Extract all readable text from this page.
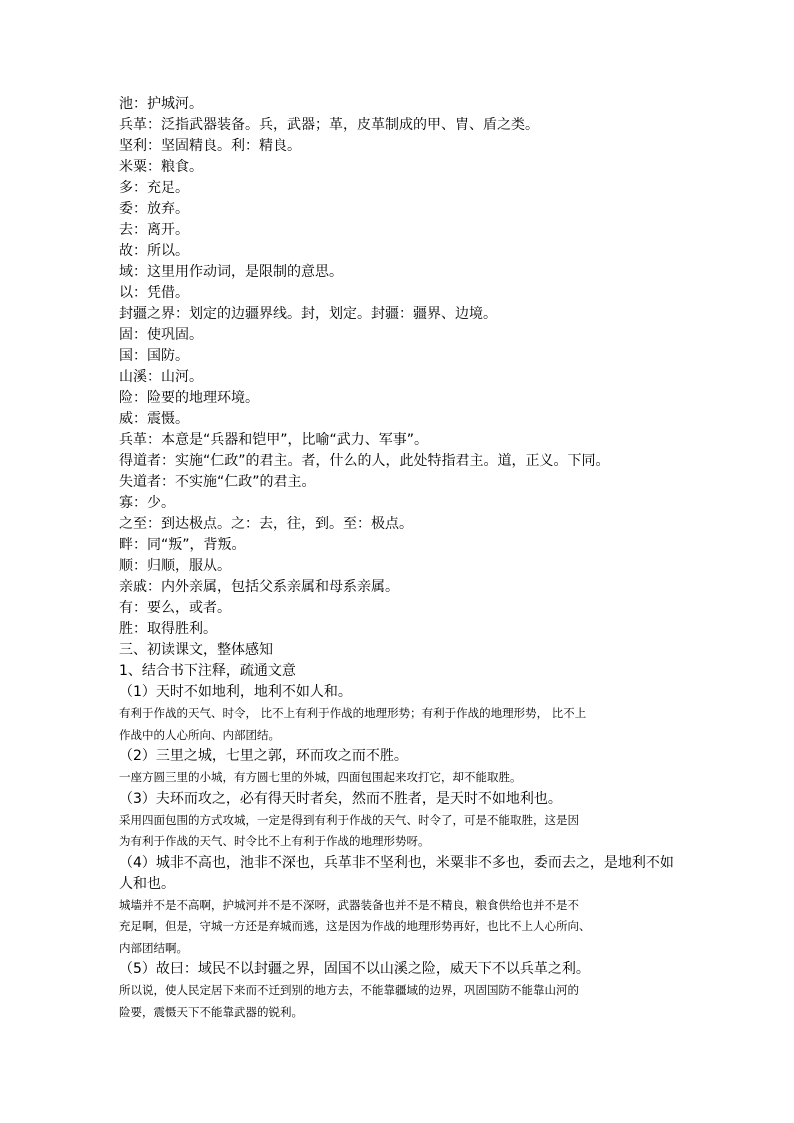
池：护城河。

兵革：泛指武器装备。兵，武器；革，皮革制成的甲、胄、盾之类。

坚利：坚固精良。利：精良。

米粟：粮食。

多：充足。

委：放弃。

去：离开。

故：所以。

域：这里用作动词，是限制的意思。

以：凭借。

封疆之界：划定的边疆界线。封，划定。封疆：疆界、边境。

固：使巩固。

国：国防。

山溪：山河。

险：险要的地理环境。

威：震慑。

兵革：本意是“兵器和铠甲”，比喻“武力、军事”。

得道者：实施“仁政”的君主。者，什么的人，此处特指君主。道，正义。下同。

失道者：不实施“仁政”的君主。

寡：少。

之至：到达极点。之：去，往，到。至：极点。

畔：同“叛”，背叛。

顺：归顺，服从。

亲戚：内外亲属，包括父系亲属和母系亲属。

有：要么，或者。

胜：取得胜利。

三、初读课文，整体感知

1、结合书下注释，疏通文意

（1）天时不如地利，地利不如人和。

有利于作战的天气、时令， 比不上有利于作战的地理形势；有利于作战的地理形势， 比不上
作战中的人心所向、内部团结。

（2）三里之城，七里之郭，环而攻之而不胜。

一座方圆三里的小城，有方圆七里的外城，四面包围起来攻打它，却不能取胜。

（3）夫环而攻之，必有得天时者矣，然而不胜者，是天时不如地利也。

采用四面包围的方式攻城，一定是得到有利于作战的天气、时令了，可是不能取胜，这是因
为有利于作战的天气、时令比不上有利于作战的地理形势呀。

（4）城非不高也，池非不深也，兵革非不坚利也，米粟非不多也，委而去之，是地利不如
人和也。

城墙并不是不高啊，护城河并不是不深呀，武器装备也并不是不精良，粮食供给也并不是不
充足啊，但是，守城一方还是弃城而逃，这是因为作战的地理形势再好，也比不上人心所向、
内部团结啊。

（5）故曰：域民不以封疆之界，固国不以山溪之险，威天下不以兵革之利。

所以说，使人民定居下来而不迁到别的地方去，不能靠疆域的边界，巩固国防不能靠山河的
险要，震慑天下不能靠武器的锐利。
